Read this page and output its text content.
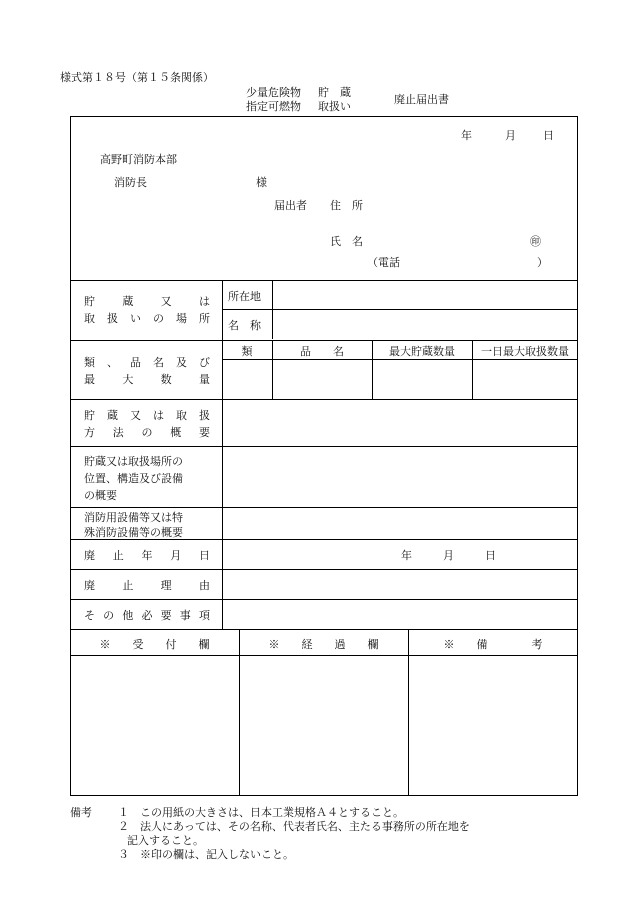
様式第１８号（第１５条関係）
少量危険物 貯　蔵
指定可燃物 取扱い
廃止届出書
年	月 日
高野町消防本部
消防長	様
届出者 住　所
氏　名	㊞
（電話	）
貯 蔵 又 は
取 扱 い の 場 所
所在地
名　称
類 、 品 名 及 び
最 大 数 量
類	品　　名	最大貯蔵数量	一日最大取扱数量
貯 蔵 又 は 取 扱
方 法 の 概 要
貯蔵又は取扱場所の
位置、構造及び設備
の概要
消防用設備等又は特
殊消防設備等の概要
廃 止 年 月 日	年	月	日
廃 止 理 由
そ の 他 必 要 事 項
※　　受　　付　　欄	※　　経　　過　　欄	※　　備　　　　考
備考 １ この用紙の大きさは、日本工業規格Ａ４とすること。
２ 法人にあっては、その名称、代表者氏名、主たる事務所の所在地を
記入すること。
３ ※印の欄は、記入しないこと。
